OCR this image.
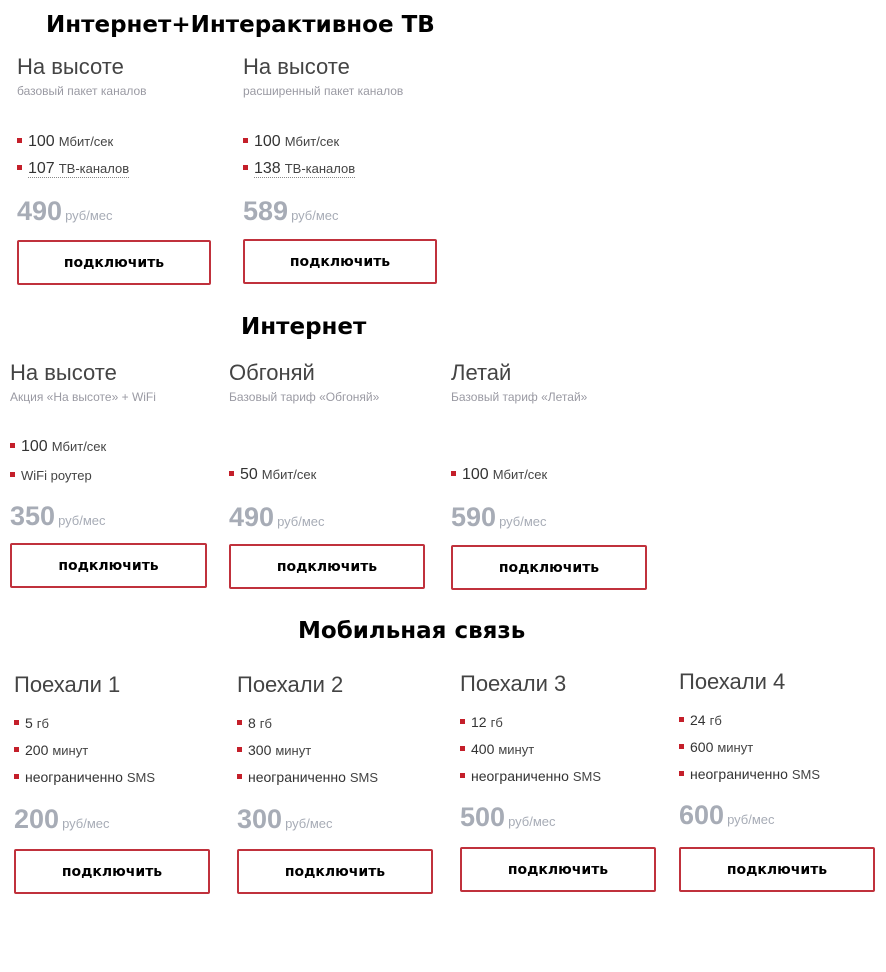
Интернет+Интерактивное ТВ
На высоте
базовый пакет каналов
100 Мбит/сек
107 ТВ-каналов
490 руб/мес
подключить
На высоте
расширенный пакет каналов
100 Мбит/сек
138 ТВ-каналов
589 руб/мес
подключить
Интернет
На высоте
Акция «На высоте» + WiFi
100 Мбит/сек
WiFi роутер
350 руб/мес
подключить
Обгоняй
Базовый тариф «Обгоняй»
50 Мбит/сек
490 руб/мес
подключить
Летай
Базовый тариф «Летай»
100 Мбит/сек
590 руб/мес
подключить
Мобильная связь
Поехали 1
5 гб
200 минут
неограниченно SMS
200 руб/мес
подключить
Поехали 2
8 гб
300 минут
неограниченно SMS
300 руб/мес
подключить
Поехали 3
12 гб
400 минут
неограниченно SMS
500 руб/мес
подключить
Поехали 4
24 гб
600 минут
неограниченно SMS
600 руб/мес
подключить
